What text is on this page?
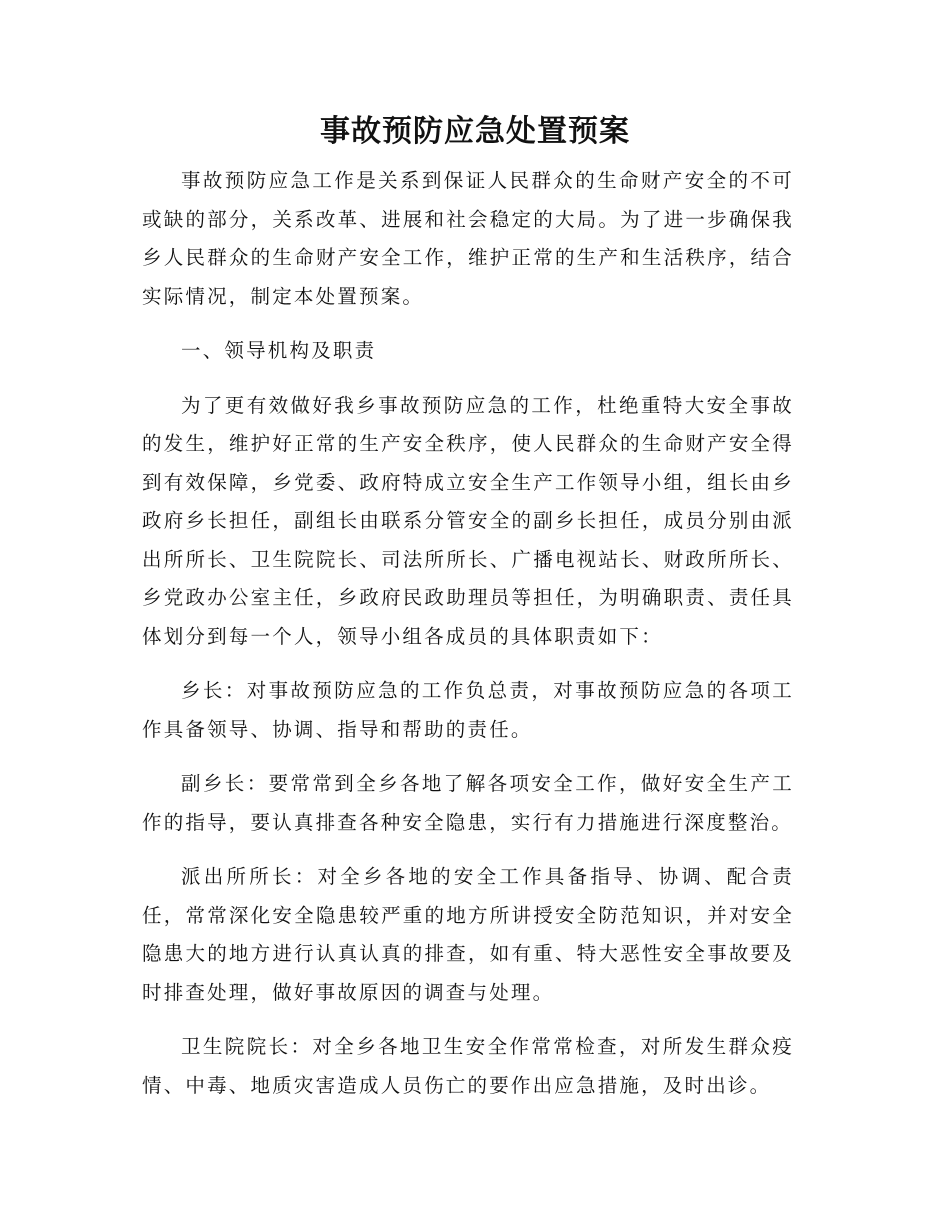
事故预防应急处置预案

事故预防应急工作是关系到保证人民群众的生命财产安全的不可或缺的部分，关系改革、进展和社会稳定的大局。为了进一步确保我乡人民群众的生命财产安全工作，维护正常的生产和生活秩序，结合实际情况，制定本处置预案。

一、领导机构及职责

为了更有效做好我乡事故预防应急的工作，杜绝重特大安全事故的发生，维护好正常的生产安全秩序，使人民群众的生命财产安全得到有效保障，乡党委、政府特成立安全生产工作领导小组，组长由乡政府乡长担任，副组长由联系分管安全的副乡长担任，成员分别由派出所所长、卫生院院长、司法所所长、广播电视站长、财政所所长、乡党政办公室主任，乡政府民政助理员等担任，为明确职责、责任具体划分到每一个人，领导小组各成员的具体职责如下：

乡长：对事故预防应急的工作负总责，对事故预防应急的各项工作具备领导、协调、指导和帮助的责任。

副乡长：要常常到全乡各地了解各项安全工作，做好安全生产工作的指导，要认真排查各种安全隐患，实行有力措施进行深度整治。

派出所所长：对全乡各地的安全工作具备指导、协调、配合责任，常常深化安全隐患较严重的地方所讲授安全防范知识，并对安全隐患大的地方进行认真认真的排查，如有重、特大恶性安全事故要及时排查处理，做好事故原因的调查与处理。

卫生院院长：对全乡各地卫生安全作常常检查，对所发生群众疫情、中毒、地质灾害造成人员伤亡的要作出应急措施，及时出诊。
